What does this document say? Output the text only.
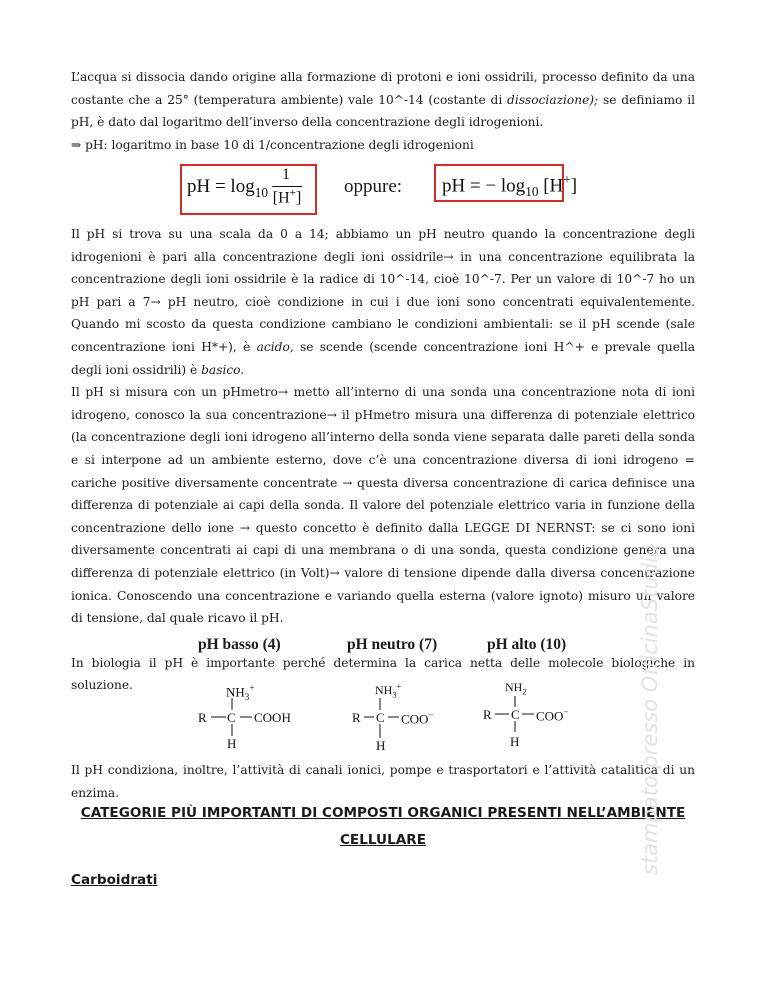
L’acqua si dissocia dando origine alla formazione di protoni e ioni ossidrili, processo definito da una costante che a 25° (temperatura ambiente) vale 10^-14 (costante di dissociazione); se definiamo il pH, è dato dal logaritmo dell’inverso della concentrazione degli idrogenioni.

⇒ pH: logaritmo in base 10 di 1/concentrazione degli idrogenioni

pH = $\log_{10}$
1
[H+]
oppure: pH = − $\log_{10} [H^+]$

Il pH si trova su una scala da 0 a 14; abbiamo un pH neutro quando la concentrazione degli idrogenioni è pari alla concentrazione degli ioni ossidrile→ in una concentrazione equilibrata la concentrazione degli ioni ossidrile è la radice di 10^-14, cioè 10^-7. Per un valore di 10^-7 ho un pH pari a 7→ pH neutro, cioè condizione in cui i due ioni sono concentrati equivalentemente. Quando mi scosto da questa condizione cambiano le condizioni ambientali: se il pH scende (sale concentrazione ioni H*+), è acido, se scende (scende concentrazione ioni H^+ e prevale quella degli ioni ossidrili) è basico.

Il pH si misura con un pHmetro→ metto all’interno di una sonda una concentrazione nota di ioni idrogeno, conosco la sua concentrazione→ il pHmetro misura una differenza di potenziale elettrico (la concentrazione degli ioni idrogeno all’interno della sonda viene separata dalle pareti della sonda e si interpone ad un ambiente esterno, dove c’è una concentrazione diversa di ioni idrogeno = cariche positive diversamente concentrate → questa diversa concentrazione di carica definisce una differenza di potenziale ai capi della sonda. Il valore del potenziale elettrico varia in funzione della concentrazione dello ione → questo concetto è definito dalla LEGGE DI NERNST: se ci sono ioni diversamente concentrati ai capi di una membrana o di una sonda, questa condizione genera una differenza di potenziale elettrico (in Volt)→ valore di tensione dipende dalla diversa concentrazione ionica. Conoscendo una concentrazione e variando quella esterna (valore ignoto) misuro un valore di tensione, dal quale ricavo il pH.

In biologia il pH è importante perché determina la carica netta delle molecole biologiche in soluzione.

pH basso (4)	pH neutro (7)	pH alto (10)
$NH_3^+$
R C COOH
H
$NH_3^+$
R C COO−
H
$NH_2$
R C COO−
H

Il pH condiziona, inoltre, l’attività di canali ionici, pompe e trasportatori e l’attività catalitica di un enzima.

CATEGORIE PIÙ IMPORTANTI DI COMPOSTI ORGANICI PRESENTI NELL’AMBIENTE
CELLULARE
Carboidrati
stampato presso OfficinaStudio
